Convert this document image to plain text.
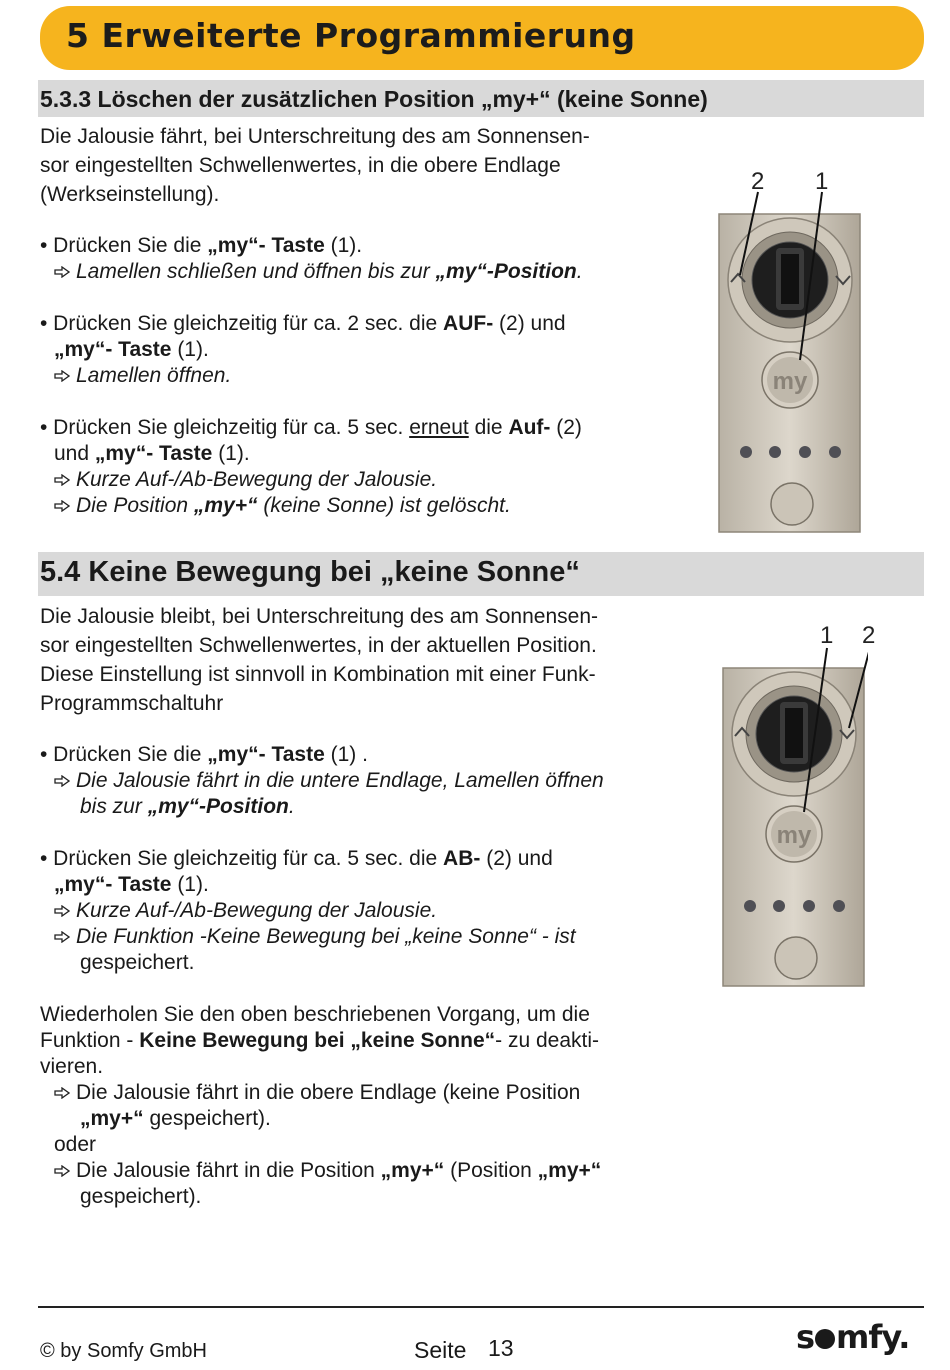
5 Erweiterte Programmierung
5.3.3 Löschen der zusätzlichen Position „my+“ (keine Sonne)
Die Jalousie fährt, bei Unterschreitung des am Sonnensen-
sor eingestellten Schwellenwertes, in die obere Endlage
(Werkseinstellung).
• Drücken Sie die „my“- Taste (1).
Lamellen schließen und öffnen bis zur „my“-Position.
• Drücken Sie gleichzeitig für ca. 2 sec. die AUF- (2) und
„my“- Taste (1).
Lamellen öffnen.
• Drücken Sie gleichzeitig für ca. 5 sec. erneut die Auf- (2)
und „my“- Taste (1).
Kurze Auf-/Ab-Bewegung der Jalousie.
Die Position „my+“ (keine Sonne) ist gelöscht.
2 1
my
5.4 Keine Bewegung bei „keine Sonne“
Die Jalousie bleibt, bei Unterschreitung des am Sonnensen-
sor eingestellten Schwellenwertes, in der aktuellen Position.
Diese Einstellung ist sinnvoll in Kombination mit einer Funk-
Programmschaltuhr
• Drücken Sie die „my“- Taste (1) .
Die Jalousie fährt in die untere Endlage, Lamellen öffnen
bis zur „my“-Position.
• Drücken Sie gleichzeitig für ca. 5 sec. die AB- (2) und
„my“- Taste (1).
Kurze Auf-/Ab-Bewegung der Jalousie.
Die Funktion -Keine Bewegung bei „keine Sonne“ - ist
gespeichert.
1 2
my
Wiederholen Sie den oben beschriebenen Vorgang, um die
Funktion - Keine Bewegung bei „keine Sonne“- zu deakti-
vieren.
Die Jalousie fährt in die obere Endlage (keine Position
„my+“ gespeichert).
oder
Die Jalousie fährt in die Position „my+“ (Position „my+“
gespeichert).
© by Somfy GmbH	Seite 13	s mfy.
